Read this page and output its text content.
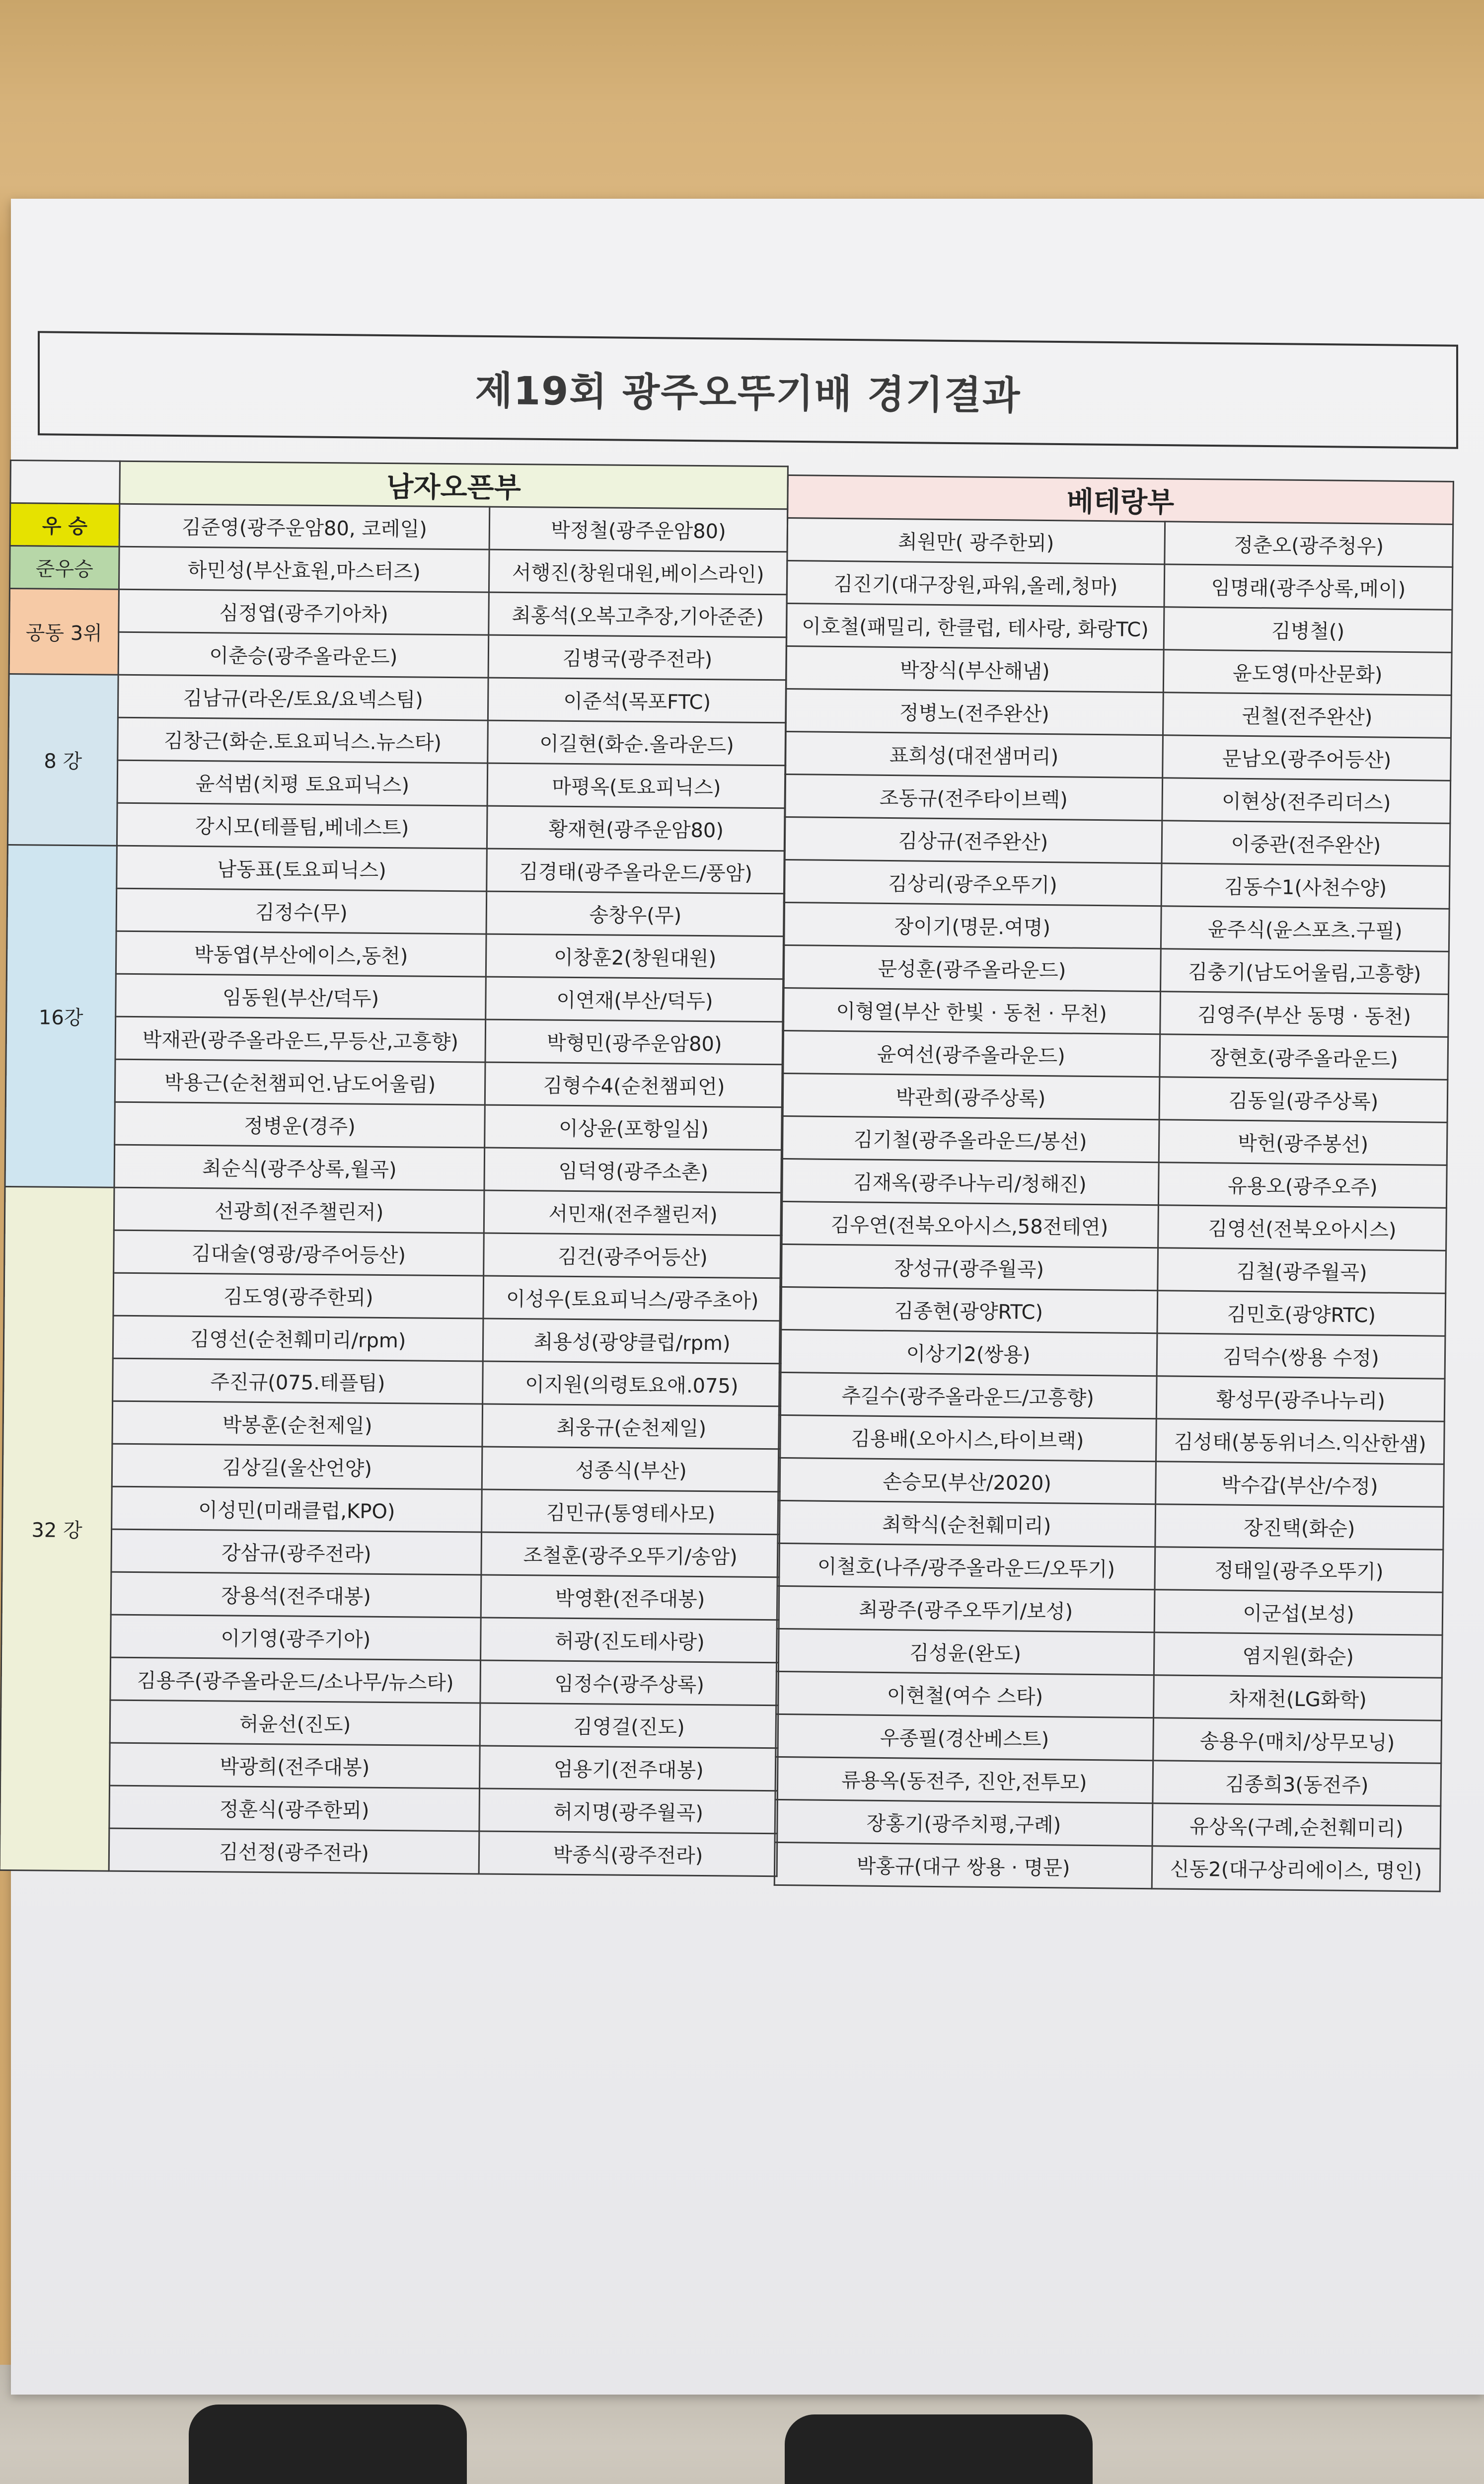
제19회 광주오뚜기배 경기결과
	남자오픈부	
우 승	김준영(광주운암80, 코레일)	박정철(광주운암80)
준우승	하민성(부산효원,마스터즈)	서행진(창원대원,베이스라인)
공동 3위	심정엽(광주기아차)	최홍석(오복고추장,기아준준)
	이춘승(광주올라운드)	김병국(광주전라)
8 강	김남규(라온/토요/요넥스팀)	이준석(목포FTC)
	김창근(화순.토요피닉스.뉴스타)	이길현(화순.올라운드)
	윤석범(치평 토요피닉스)	마평옥(토요피닉스)
	강시모(테플팀,베네스트)	황재현(광주운암80)
16강	남동표(토요피닉스)	김경태(광주올라운드/풍암)
	김정수(무)	송창우(무)
	박동엽(부산에이스,동천)	이창훈2(창원대원)
	임동원(부산/덕두)	이연재(부산/덕두)
	박재관(광주올라운드,무등산,고흥향)	박형민(광주운암80)
	박용근(순천챔피언.남도어울림)	김형수4(순천챔피언)
	정병운(경주)	이상윤(포항일심)
	최순식(광주상록,월곡)	임덕영(광주소촌)
32 강	선광희(전주챌린저)	서민재(전주챌린저)
	김대술(영광/광주어등산)	김건(광주어등산)
	김도영(광주한뫼)	이성우(토요피닉스/광주초아)
	김영선(순천훼미리/rpm)	최용성(광양클럽/rpm)
	주진규(075.테플팀)	이지원(의령토요애.075)
	박봉훈(순천제일)	최웅규(순천제일)
	김상길(울산언양)	성종식(부산)
	이성민(미래클럽,KPO)	김민규(통영테사모)
	강삼규(광주전라)	조철훈(광주오뚜기/송암)
	장용석(전주대봉)	박영환(전주대봉)
	이기영(광주기아)	허광(진도테사랑)
	김용주(광주올라운드/소나무/뉴스타)	임정수(광주상록)
	허윤선(진도)	김영걸(진도)
	박광희(전주대봉)	엄용기(전주대봉)
	정훈식(광주한뫼)	허지명(광주월곡)
	김선정(광주전라)	박종식(광주전라)
베테랑부	
최원만( 광주한뫼)	정춘오(광주청우)
김진기(대구장원,파워,올레,청마)	임명래(광주상록,메이)
이호철(패밀리, 한클럽, 테사랑, 화랑TC)	김병철()
박장식(부산해냄)	윤도영(마산문화)
정병노(전주완산)	권철(전주완산)
표희성(대전샘머리)	문남오(광주어등산)
조동규(전주타이브렉)	이현상(전주리더스)
김상규(전주완산)	이중관(전주완산)
김상리(광주오뚜기)	김동수1(사천수양)
장이기(명문.여명)	윤주식(윤스포츠.구필)
문성훈(광주올라운드)	김충기(남도어울림,고흥향)
이형열(부산 한빛 · 동천 · 무천)	김영주(부산 동명 · 동천)
윤여선(광주올라운드)	장현호(광주올라운드)
박관희(광주상록)	김동일(광주상록)
김기철(광주올라운드/봉선)	박헌(광주봉선)
김재옥(광주나누리/청해진)	유용오(광주오주)
김우연(전북오아시스,58전테연)	김영선(전북오아시스)
장성규(광주월곡)	김철(광주월곡)
김종현(광양RTC)	김민호(광양RTC)
이상기2(쌍용)	김덕수(쌍용 수정)
추길수(광주올라운드/고흥향)	황성무(광주나누리)
김용배(오아시스,타이브랙)	김성태(봉동위너스.익산한샘)
손승모(부산/2020)	박수갑(부산/수정)
최학식(순천훼미리)	장진택(화순)
이철호(나주/광주올라운드/오뚜기)	정태일(광주오뚜기)
최광주(광주오뚜기/보성)	이군섭(보성)
김성윤(완도)	염지원(화순)
이현철(여수 스타)	차재천(LG화학)
우종필(경산베스트)	송용우(매치/상무모닝)
류용옥(동전주, 진안,전투모)	김종희3(동전주)
장홍기(광주치평,구례)	유상옥(구례,순천훼미리)
박홍규(대구 쌍용 · 명문)	신동2(대구상리에이스, 명인)
